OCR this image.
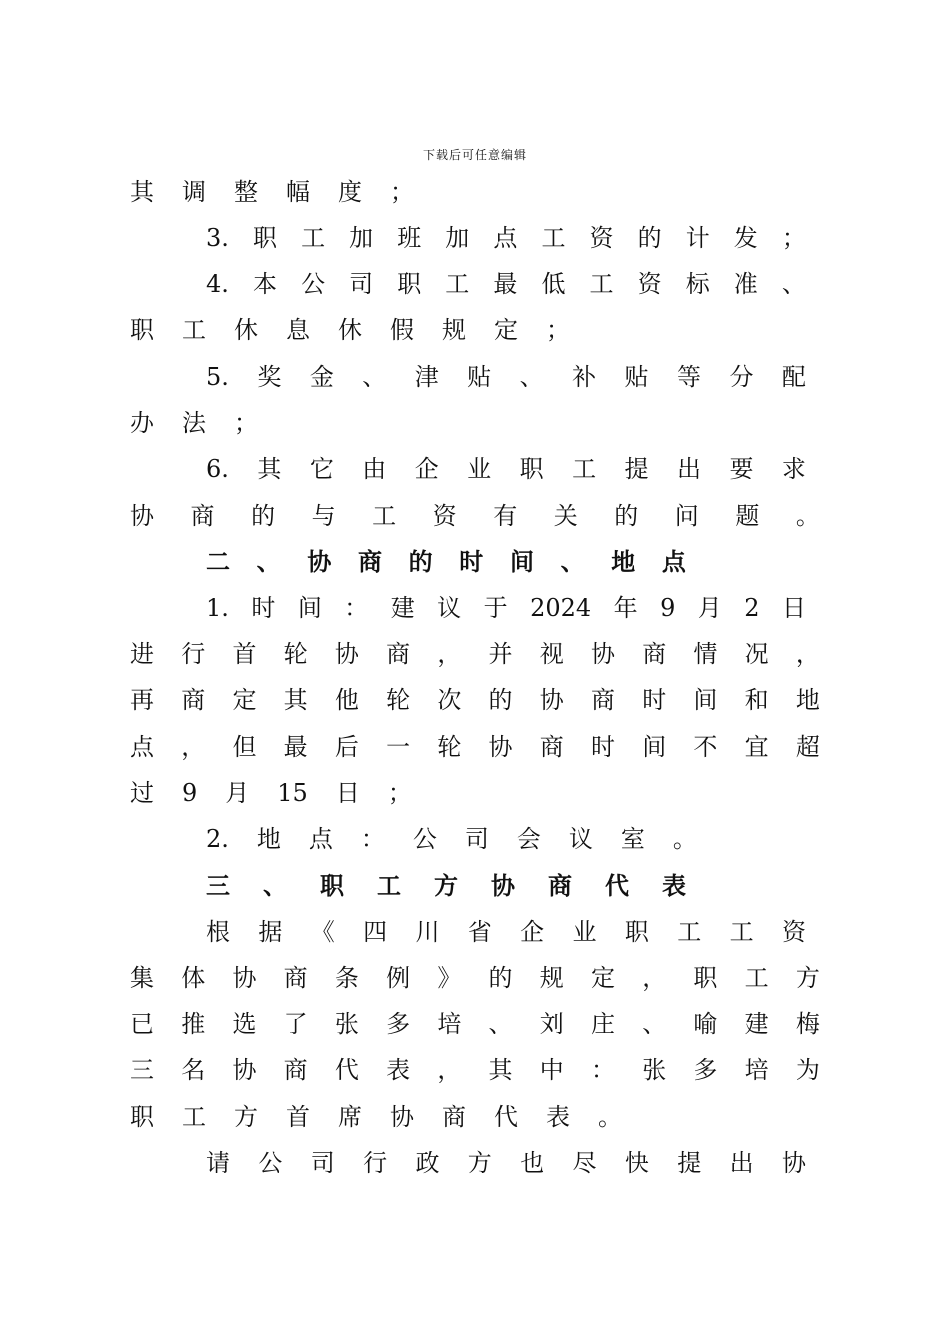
下载后可任意编辑
其 调 整 幅 度 ；
3. 职 工 加 班 加 点 工 资 的 计 发 ；
4. 本 公 司 职 工 最 低 工 资 标 准 、
职 工 休 息 休 假 规 定 ；
5. 奖 金 、 津 贴 、 补 贴 等 分 配
办 法 ；
6. 其 它 由 企 业 职 工 提 出 要 求
协 商 的 与 工 资 有 关 的 问 题 。
二 、 协 商 的 时 间 、 地 点
1. 时 间 ： 建 议 于 2024 年 9 月 2 日
进 行 首 轮 协 商 ， 并 视 协 商 情 况 ，
再 商 定 其 他 轮 次 的 协 商 时 间 和 地
点 ， 但 最 后 一 轮 协 商 时 间 不 宜 超
过 9 月 15 日 ；
2. 地 点 ： 公 司 会 议 室 。
三 、 职 工 方 协 商 代 表
根 据 《 四 川 省 企 业 职 工 工 资
集 体 协 商 条 例 》 的 规 定 ， 职 工 方
已 推 选 了 张 多 培 、 刘 庄 、 喻 建 梅
三 名 协 商 代 表 ， 其 中 ： 张 多 培 为
职 工 方 首 席 协 商 代 表 。
请 公 司 行 政 方 也 尽 快 提 出 协
